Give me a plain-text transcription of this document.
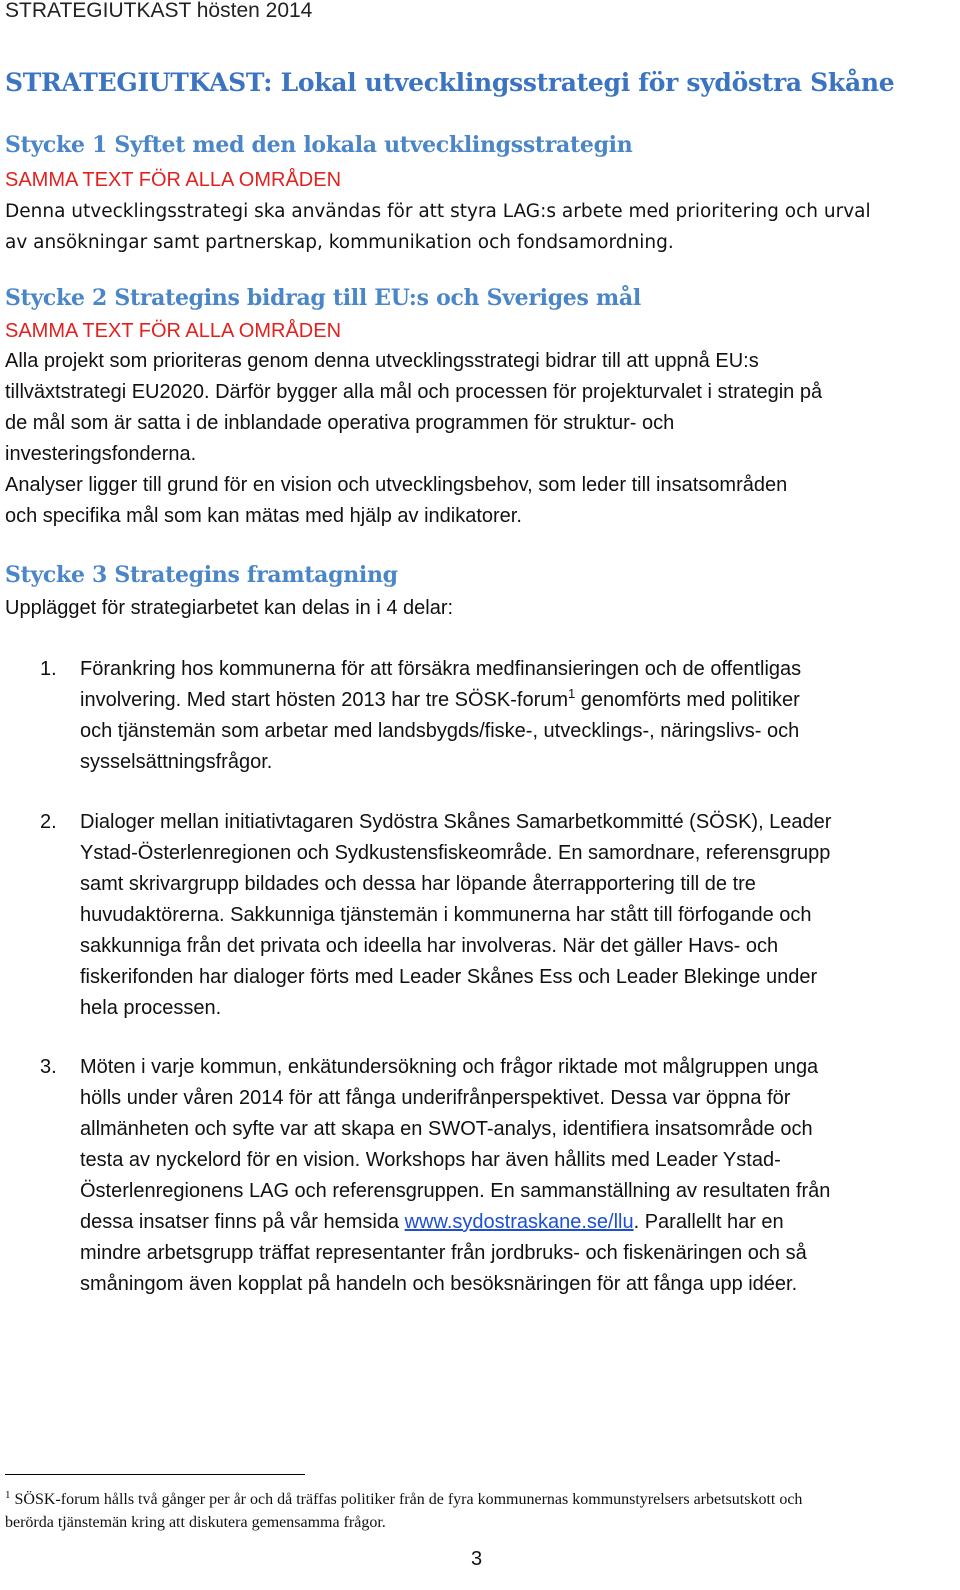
STRATEGIUTKAST hösten 2014
STRATEGIUTKAST: Lokal utvecklingsstrategi för sydöstra Skåne
Stycke 1 Syftet med den lokala utvecklingsstrategin
SAMMA TEXT FÖR ALLA OMRÅDEN
Denna utvecklingsstrategi ska användas för att styra LAG:s arbete med prioritering och urval
av ansökningar samt partnerskap, kommunikation och fondsamordning.
Stycke 2 Strategins bidrag till EU:s och Sveriges mål
SAMMA TEXT FÖR ALLA OMRÅDEN
Alla projekt som prioriteras genom denna utvecklingsstrategi bidrar till att uppnå EU:s
tillväxtstrategi EU2020. Därför bygger alla mål och processen för projekturvalet i strategin på
de mål som är satta i de inblandade operativa programmen för struktur- och
investeringsfonderna.
Analyser ligger till grund för en vision och utvecklingsbehov, som leder till insatsområden
och specifika mål som kan mätas med hjälp av indikatorer.
Stycke 3 Strategins framtagning
Upplägget för strategiarbetet kan delas in i 4 delar:
1. Förankring hos kommunerna för att försäkra medfinansieringen och de offentligas
involvering. Med start hösten 2013 har tre SÖSK-forum$^1$ genomförts med politiker
och tjänstemän som arbetar med landsbygds/fiske-, utvecklings-, näringslivs- och
sysselsättningsfrågor.
2. Dialoger mellan initiativtagaren Sydöstra Skånes Samarbetkommitté (SÖSK), Leader
Ystad-Österlenregionen och Sydkustensfiskeområde. En samordnare, referensgrupp
samt skrivargrupp bildades och dessa har löpande återrapportering till de tre
huvudaktörerna. Sakkunniga tjänstemän i kommunerna har stått till förfogande och
sakkunniga från det privata och ideella har involveras. När det gäller Havs- och
fiskerifonden har dialoger förts med Leader Skånes Ess och Leader Blekinge under
hela processen.
3. Möten i varje kommun, enkätundersökning och frågor riktade mot målgruppen unga
hölls under våren 2014 för att fånga underifrånperspektivet. Dessa var öppna för
allmänheten och syfte var att skapa en SWOT-analys, identifiera insatsområde och
testa av nyckelord för en vision. Workshops har även hållits med Leader Ystad-
Österlenregionens LAG och referensgruppen. En sammanställning av resultaten från
dessa insatser finns på vår hemsida www.sydostraskane.se/llu. Parallellt har en
mindre arbetsgrupp träffat representanter från jordbruks- och fiskenäringen och så
småningom även kopplat på handeln och besöksnäringen för att fånga upp idéer.
$^1$ SÖSK-forum hålls två gånger per år och då träffas politiker från de fyra kommunernas kommunstyrelsers arbetsutskott och
berörda tjänstemän kring att diskutera gemensamma frågor.
3
